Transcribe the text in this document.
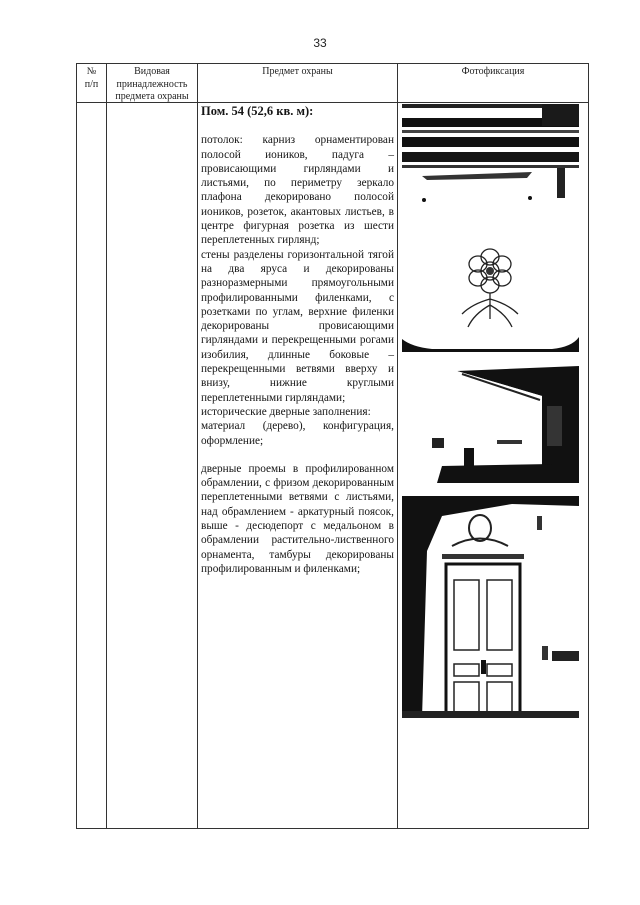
33
№
п/п
Видовая
принадлежность
предмета охраны
Предмет охраны	Фотофиксация
Пом. 54 (52,6 кв. м):

потолок: карниз орнаментирован полосой иоников, падуга – провисающими гирляндами и листьями, по периметру зеркало плафона декорировано полосой иоников, розеток, акантовых листьев, в центре фигурная розетка из шести переплетенных гирлянд;

стены разделены горизонтальной тягой на два яруса и декорированы разноразмерными прямоугольными профилированными филенками, с розетками по углам, верхние филенки декорированы провисающими гирляндами и перекрещенными рогами изобилия, длинные боковые – перекрещенными ветвями вверху и внизу, нижние круглыми переплетенными гирляндами;

исторические дверные заполнения:

материал (дерево), конфигурация, оформление;

дверные проемы в профилированном обрамлении, с фризом декорированным переплетенными ветвями с листьями, над обрамлением - аркатурный поясок, выше - десюдепорт с медальоном в обрамлении растительно-лиственного орнамента, тамбуры декорированы профилированным и филенками;
